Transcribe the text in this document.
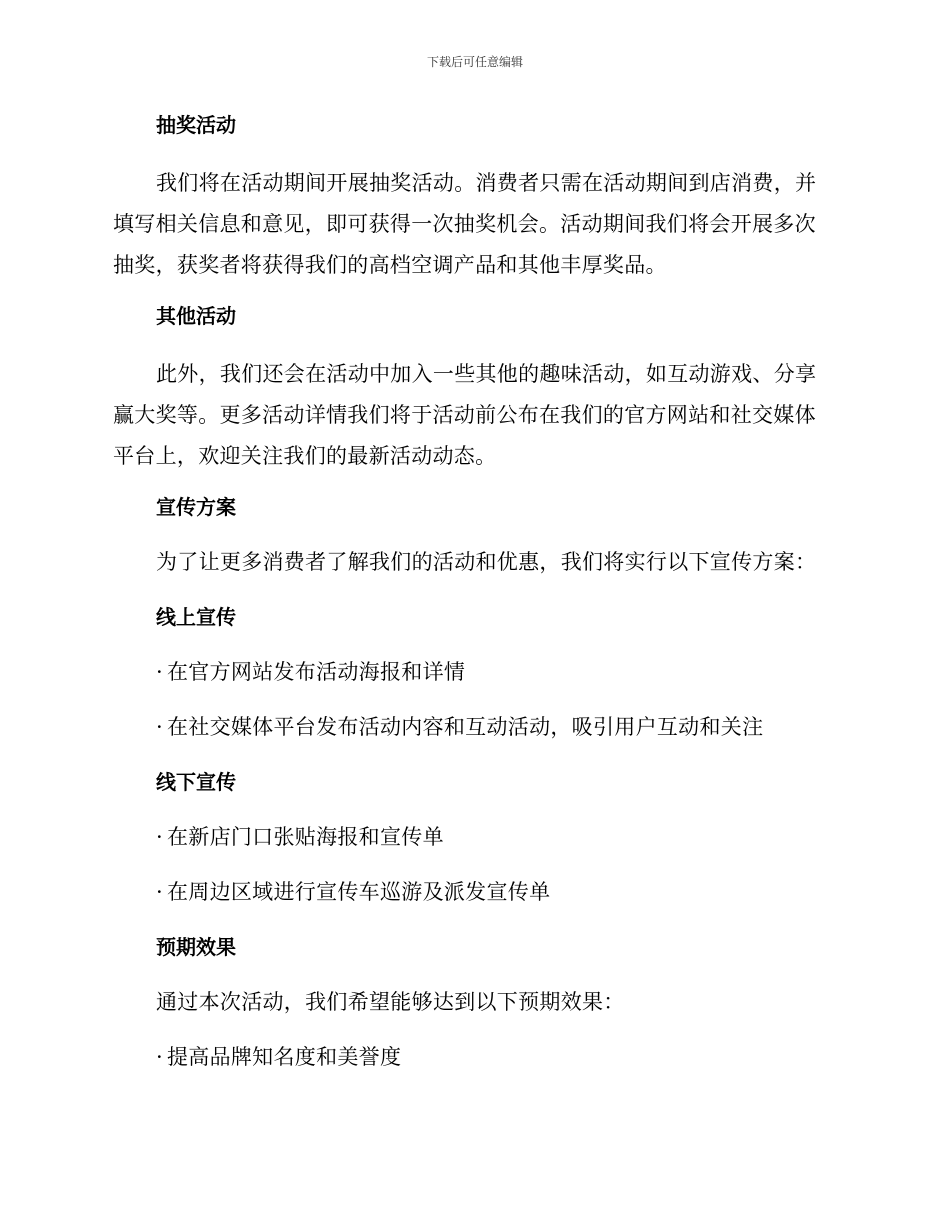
下载后可任意编辑
抽奖活动
我们将在活动期间开展抽奖活动。消费者只需在活动期间到店消费，并填写相关信息和意见，即可获得一次抽奖机会。活动期间我们将会开展多次抽奖，获奖者将获得我们的高档空调产品和其他丰厚奖品。
其他活动
此外，我们还会在活动中加入一些其他的趣味活动，如互动游戏、分享赢大奖等。更多活动详情我们将于活动前公布在我们的官方网站和社交媒体平台上，欢迎关注我们的最新活动动态。
宣传方案
为了让更多消费者了解我们的活动和优惠，我们将实行以下宣传方案：
线上宣传
· 在官方网站发布活动海报和详情
· 在社交媒体平台发布活动内容和互动活动，吸引用户互动和关注
线下宣传
· 在新店门口张贴海报和宣传单
· 在周边区域进行宣传车巡游及派发宣传单
预期效果
通过本次活动，我们希望能够达到以下预期效果：
· 提高品牌知名度和美誉度
